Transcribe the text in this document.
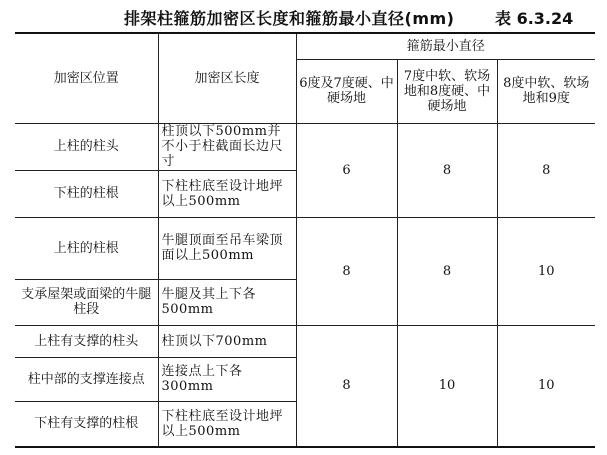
排架柱箍筋加密区长度和箍筋最小直径(mm)	表 6.3.24
加密区位置	加密区长度	箍筋最小直径		
		6度及7度硬、中硬场地	7度中软、软场地和8度硬、中硬场地	8度中软、软场地和9度
上柱的柱头	柱顶以下500mm并不小于柱截面长边尺寸	6	8	8
下柱的柱根	下柱柱底至设计地坪以上500mm			
上柱的柱根	牛腿顶面至吊车梁顶面以上500mm	8	8	10
支承屋架或面梁的牛腿柱段	牛腿及其上下各500mm			
上柱有支撑的柱头	柱顶以下700mm	8	10	10
柱中部的支撑连接点	连接点上下各300mm			
下柱有支撑的柱根	下柱柱底至设计地坪以上500mm			
